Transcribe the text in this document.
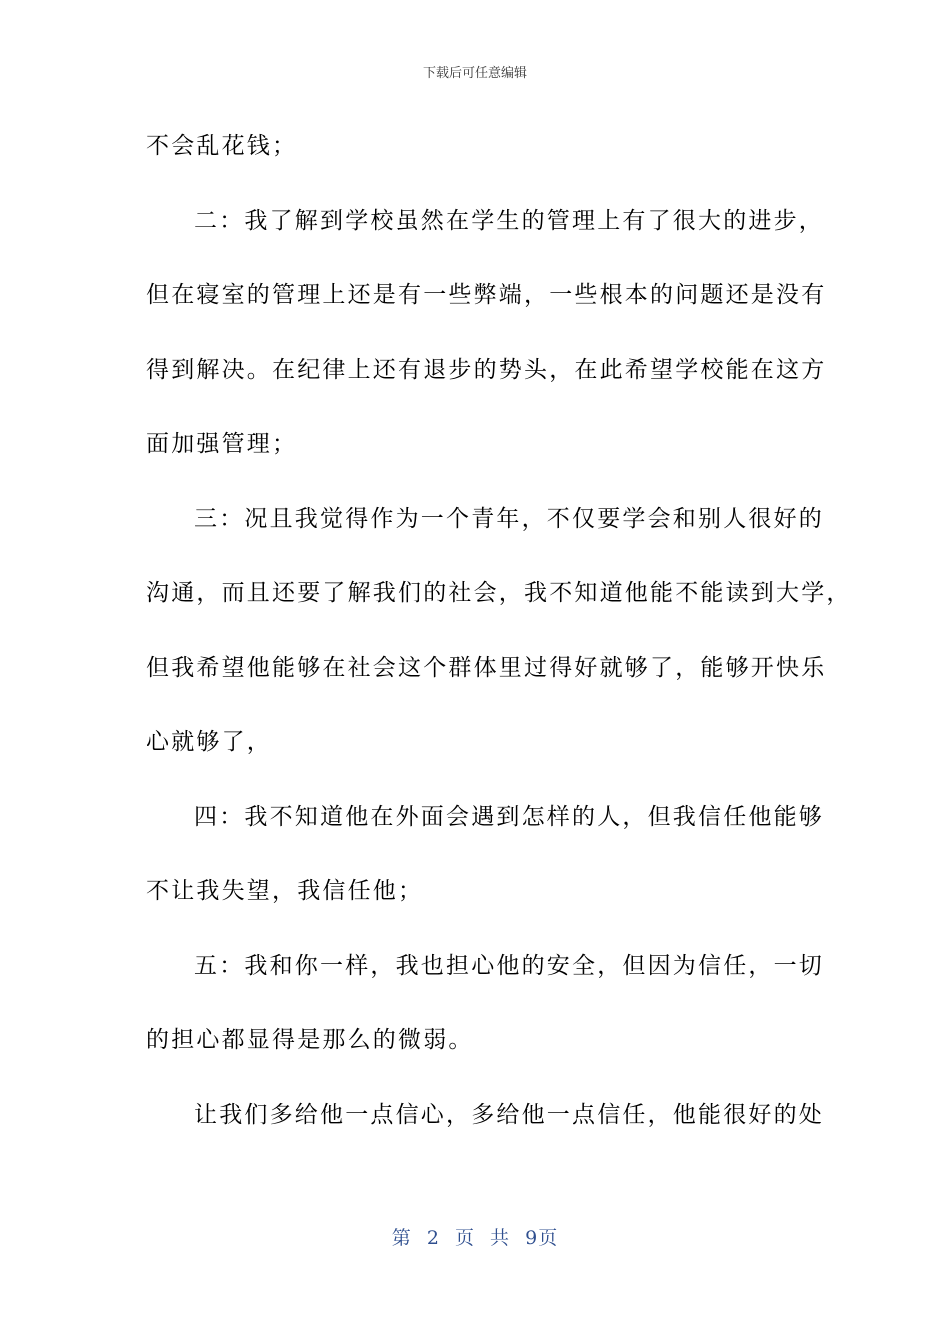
下载后可任意编辑
不会乱花钱；
二：我了解到学校虽然在学生的管理上有了很大的进步，
但在寝室的管理上还是有一些弊端，一些根本的问题还是没有
得到解决。在纪律上还有退步的势头，在此希望学校能在这方
面加强管理；
三：况且我觉得作为一个青年，不仅要学会和别人很好的
沟通，而且还要了解我们的社会，我不知道他能不能读到大学，
但我希望他能够在社会这个群体里过得好就够了，能够开快乐
心就够了，
四：我不知道他在外面会遇到怎样的人，但我信任他能够
不让我失望，我信任他；
五：我和你一样，我也担心他的安全，但因为信任，一切
的担心都显得是那么的微弱。
让我们多给他一点信心，多给他一点信任，他能很好的处
第 2 页 共 9页
